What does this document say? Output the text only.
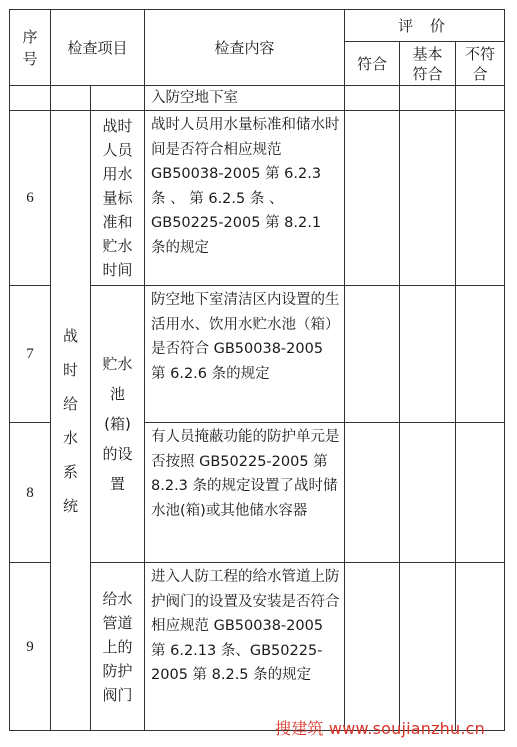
序号	检查项目		检查内容	评 价		
				符合	基本符合	不符合
			入防空地下室			
6	战时给水系统	战时人员用水量标准和贮水时间	战时人员用水量标准和储水时间是否符合相应规范 GB50038-2005 第 6.2.3 条 、 第 6.2.5 条 、 GB50225-2005 第 8.2.1 条的规定			
7		贮水池(箱)的设置	防空地下室清洁区内设置的生活用水、饮用水贮水池（箱）是否符合 GB50038-2005 第 6.2.6 条的规定			
8			有人员掩蔽功能的防护单元是否按照 GB50225-2005 第 8.2.3 条的规定设置了战时储水池(箱)或其他储水容器			
9		给水管道上的防护阀门	进入人防工程的给水管道上防护阀门的设置及安装是否符合相应规范 GB50038-2005 第 6.2.13 条、GB50225-2005 第 8.2.5 条的规定			
搜建筑 www.soujianzhu.cn
